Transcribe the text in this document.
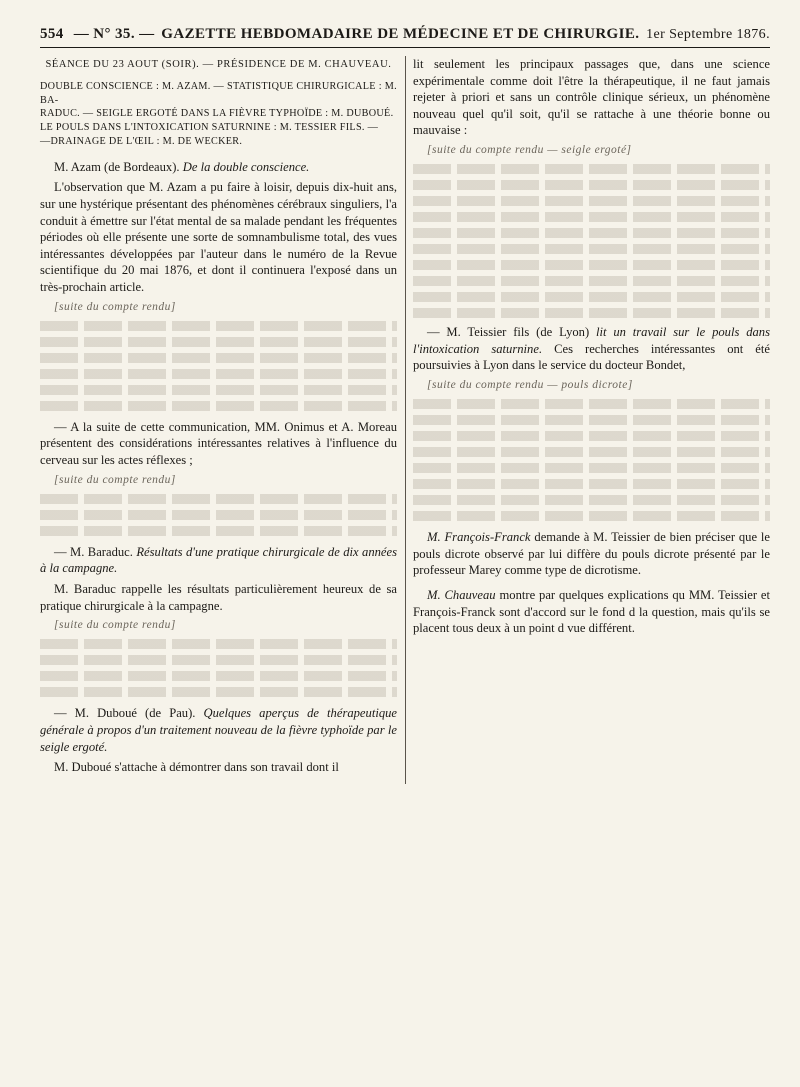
554 — N° 35. — GAZETTE HEBDOMADAIRE DE MÉDECINE ET DE CHIRURGIE. 1er Septembre 1876.
SÉANCE DU 23 AOUT (SOIR). — PRÉSIDENCE DE M. CHAUVEAU.
DOUBLE CONSCIENCE : M. AZAM. — STATISTIQUE CHIRURGICALE : M. BA-
RADUC. — SEIGLE ERGOTÉ DANS LA FIÈVRE TYPHOÏDE : M. DUBOUÉ.
LE POULS DANS L'INTOXICATION SATURNINE : M. TESSIER FILS. —
—DRAINAGE DE L'ŒIL : M. DE WECKER.

M. Azam (de Bordeaux). De la double conscience.

L'observation que M. Azam a pu faire à loisir, depuis dix-huit ans, sur une hystérique présentant des phénomènes cérébraux singuliers, l'a conduit à émettre sur l'état mental de sa malade pendant les fréquentes périodes où elle présente une sorte de somnambulisme total, des vues intéressantes développées par l'auteur dans le numéro de la Revue scientifique du 20 mai 1876, et dont il continuera l'exposé dans un très-prochain article.

[suite du compte rendu]

— A la suite de cette communication, MM. Onimus et A. Moreau présentent des considérations intéressantes relatives à l'influence du cerveau sur les actes réflexes ;

[suite du compte rendu]

— M. Baraduc. Résultats d'une pratique chirurgicale de dix années à la campagne.

M. Baraduc rappelle les résultats particulièrement heureux de sa pratique chirurgicale à la campagne.

[suite du compte rendu]

— M. Duboué (de Pau). Quelques aperçus de thérapeutique générale à propos d'un traitement nouveau de la fièvre typhoïde par le seigle ergoté.

M. Duboué s'attache à démontrer dans son travail dont il

lit seulement les principaux passages que, dans une science expérimentale comme doit l'être la thérapeutique, il ne faut jamais rejeter à priori et sans un contrôle clinique sérieux, un phénomène nouveau quel qu'il soit, qu'il se rattache à une théorie bonne ou mauvaise :

[suite du compte rendu — seigle ergoté]

— M. Teissier fils (de Lyon) lit un travail sur le pouls dans l'intoxication saturnine. Ces recherches intéressantes ont été poursuivies à Lyon dans le service du docteur Bondet,

[suite du compte rendu — pouls dicrote]

M. François-Franck demande à M. Teissier de bien préciser que le pouls dicrote observé par lui diffère du pouls dicrote présenté par le professeur Marey comme type de dicrotisme.

M. Chauveau montre par quelques explications qu MM. Teissier et François-Franck sont d'accord sur le fond d la question, mais qu'ils se placent tous deux à un point d vue différent.
